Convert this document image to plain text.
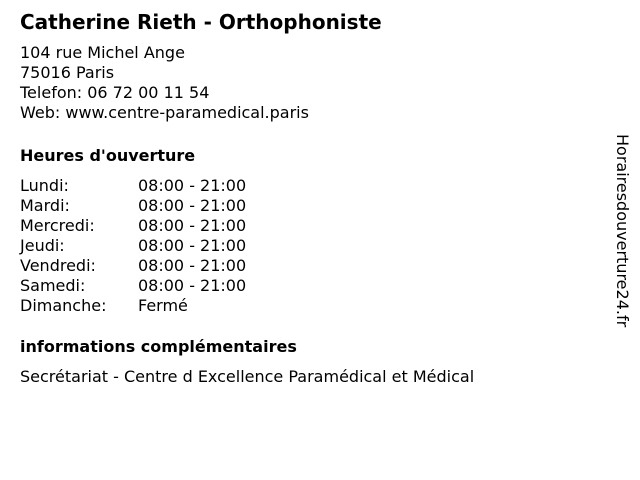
Catherine Rieth - Orthophoniste
104 rue Michel Ange
75016 Paris
Telefon: 06 72 00 11 54
Web: www.centre-paramedical.paris
Heures d'ouverture
Lundi:	08:00 - 21:00
Mardi:	08:00 - 21:00
Mercredi:	08:00 - 21:00
Jeudi:	08:00 - 21:00
Vendredi:	08:00 - 21:00
Samedi:	08:00 - 21:00
Dimanche:	Fermé
informations complémentaires
Secrétariat - Centre d Excellence Paramédical et Médical
Horairesdouverture24.fr
